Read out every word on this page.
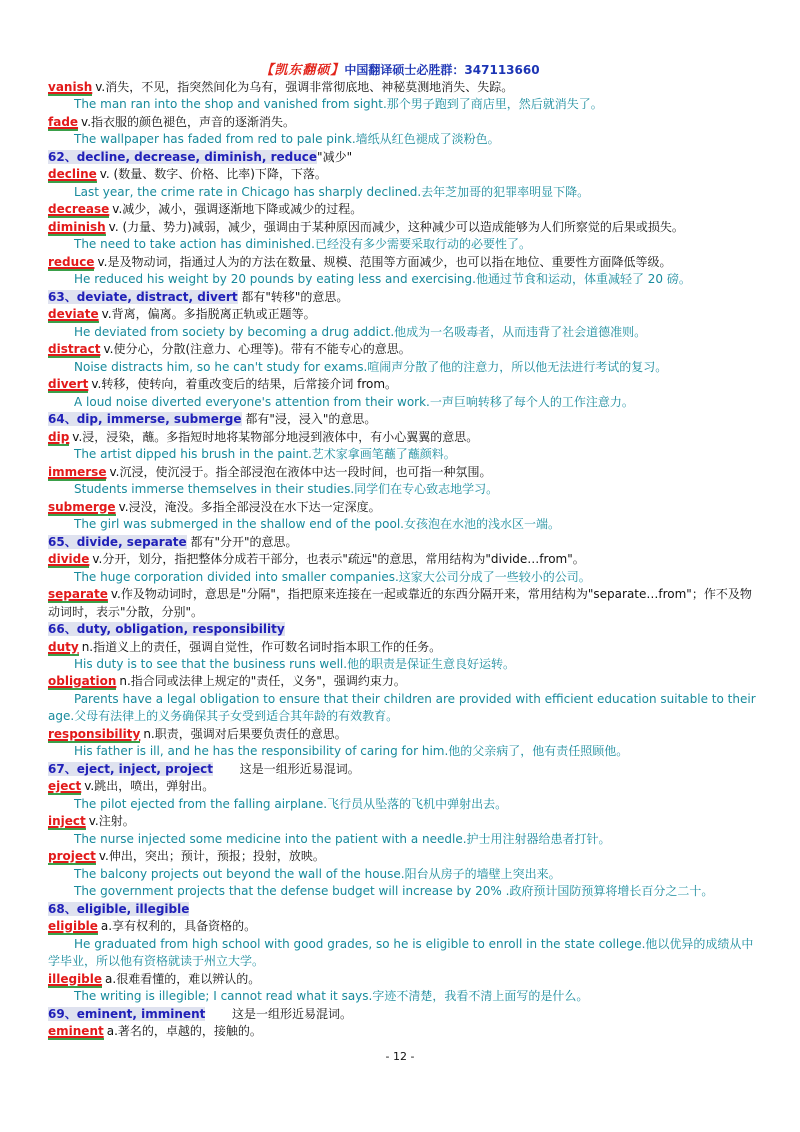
【凯东翻硕】中国翻译硕士必胜群：347113660
vanish v.消失，不见，指突然间化为乌有，强调非常彻底地、神秘莫测地消失、失踪。
The man ran into the shop and vanished from sight.那个男子跑到了商店里，然后就消失了。
fade v.指衣服的颜色褪色，声音的逐渐消失。
The wallpaper has faded from red to pale pink.墙纸从红色褪成了淡粉色。
62、decline, decrease, diminish, reduce"减少"
decline v. (数量、数字、价格、比率)下降，下落。
Last year, the crime rate in Chicago has sharply declined.去年芝加哥的犯罪率明显下降。
decrease v.减少，减小，强调逐渐地下降或减少的过程。
diminish v. (力量、势力)减弱，减少，强调由于某种原因而减少，这种减少可以造成能够为人们所察觉的后果或损失。
The need to take action has diminished.已经没有多少需要采取行动的必要性了。
reduce v.是及物动词，指通过人为的方法在数量、规模、范围等方面减少，也可以指在地位、重要性方面降低等级。
He reduced his weight by 20 pounds by eating less and exercising.他通过节食和运动，体重减轻了 20 磅。
63、deviate, distract, divert 都有"转移"的意思。
deviate v.背离，偏离。多指脱离正轨或正题等。
He deviated from society by becoming a drug addict.他成为一名吸毒者，从而违背了社会道德准则。
distract v.使分心，分散(注意力、心理等)。带有不能专心的意思。
Noise distracts him, so he can't study for exams.喧闹声分散了他的注意力，所以他无法进行考试的复习。
divert v.转移，使转向，着重改变后的结果，后常接介词 from。
A loud noise diverted everyone's attention from their work.一声巨响转移了每个人的工作注意力。
64、dip, immerse, submerge 都有"浸，浸入"的意思。
dip v.浸，浸染，蘸。多指短时地将某物部分地浸到液体中，有小心翼翼的意思。
The artist dipped his brush in the paint.艺术家拿画笔蘸了蘸颜料。
immerse v.沉浸，使沉浸于。指全部浸泡在液体中达一段时间，也可指一种氛围。
Students immerse themselves in their studies.同学们在专心致志地学习。
submerge v.浸没，淹没。多指全部浸没在水下达一定深度。
The girl was submerged in the shallow end of the pool.女孩泡在水池的浅水区一端。
65、divide, separate 都有"分开"的意思。
divide v.分开，划分，指把整体分成若干部分，也表示"疏远"的意思，常用结构为"divide…from"。
The huge corporation divided into smaller companies.这家大公司分成了一些较小的公司。
separate v.作及物动词时，意思是"分隔"，指把原来连接在一起或靠近的东西分隔开来，常用结构为"separate…from"；作不及物动词时，表示"分散，分别"。
66、duty, obligation, responsibility
duty n.指道义上的责任，强调自觉性，作可数名词时指本职工作的任务。
His duty is to see that the business runs well.他的职责是保证生意良好运转。
obligation n.指合同或法律上规定的"责任，义务"，强调约束力。
Parents have a legal obligation to ensure that their children are provided with efficient education suitable to their age.父母有法律上的义务确保其子女受到适合其年龄的有效教育。
responsibility n.职责，强调对后果要负责任的意思。
His father is ill, and he has the responsibility of caring for him.他的父亲病了，他有责任照顾他。
67、eject, inject, project       这是一组形近易混词。
eject v.跳出，喷出，弹射出。
The pilot ejected from the falling airplane.飞行员从坠落的飞机中弹射出去。
inject v.注射。
The nurse injected some medicine into the patient with a needle.护士用注射器给患者打针。
project v.伸出，突出；预计，预报；投射，放映。
The balcony projects out beyond the wall of the house.阳台从房子的墙壁上突出来。
The government projects that the defense budget will increase by 20% .政府预计国防预算将增长百分之二十。
68、eligible, illegible
eligible a.享有权利的，具备资格的。
He graduated from high school with good grades, so he is eligible to enroll in the state college.他以优异的成绩从中学毕业，所以他有资格就读于州立大学。
illegible a.很难看懂的，难以辨认的。
The writing is illegible; I cannot read what it says.字迹不清楚，我看不清上面写的是什么。
69、eminent, imminent       这是一组形近易混词。
eminent a.著名的，卓越的，接触的。
- 12 -
